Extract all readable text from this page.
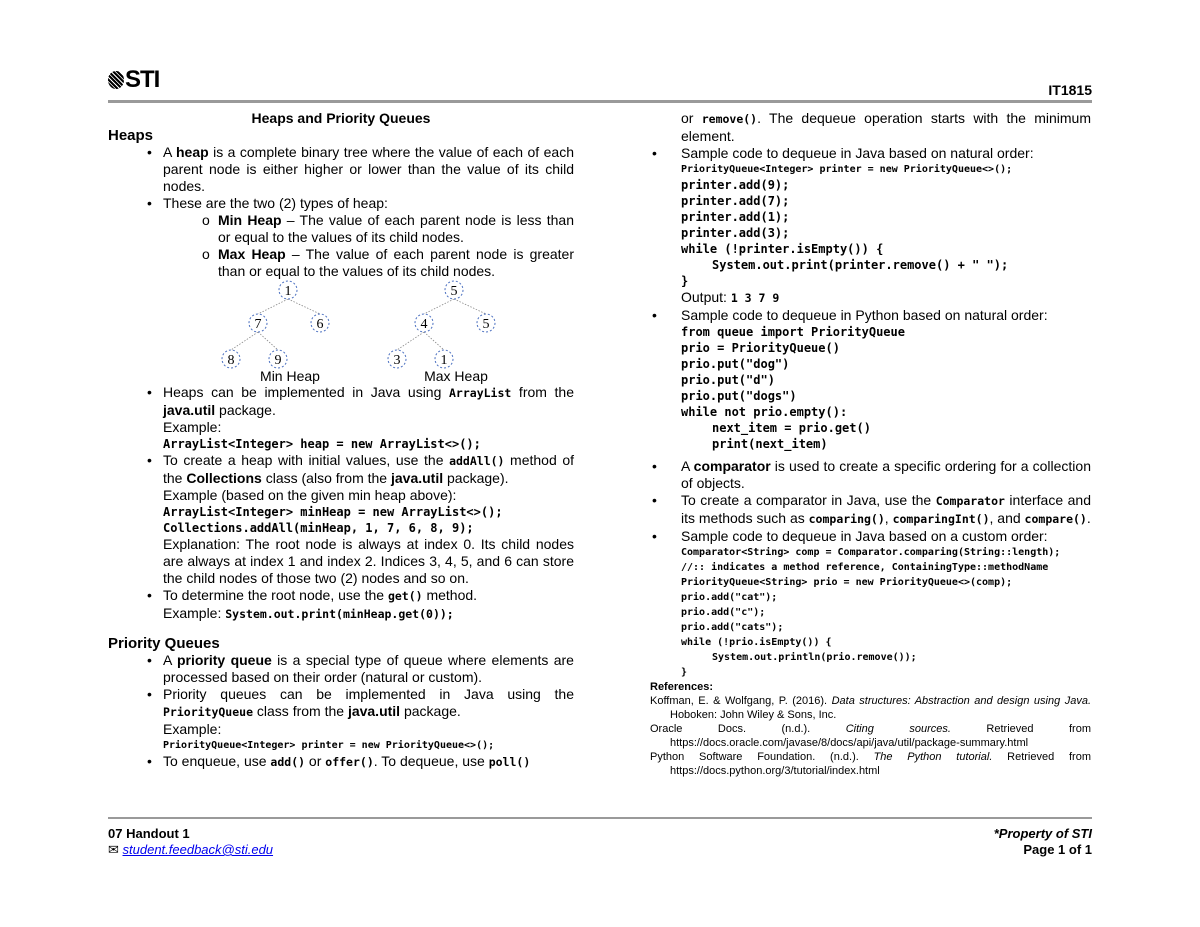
STI	IT1815
Heaps and Priority Queues
Heaps
• A heap is a complete binary tree where the value of each of each parent node is either higher or lower than the value of its child nodes.
• These are the two (2) types of heap:
o Min Heap – The value of each parent node is less than or equal to the values of its child nodes.
o Max Heap – The value of each parent node is greater than or equal to the values of its child nodes.
1
7	6
8	9
Min Heap
5
4	5
3	1
Max Heap
• Heaps can be implemented in Java using ArrayList from the java.util package.
Example:
ArrayList<Integer> heap = new ArrayList<>();
• To create a heap with initial values, use the addAll() method of the Collections class (also from the java.util package).
Example (based on the given min heap above):
ArrayList<Integer> minHeap = new ArrayList<>();
Collections.addAll(minHeap, 1, 7, 6, 8, 9);
Explanation: The root node is always at index 0. Its child nodes are always at index 1 and index 2. Indices 3, 4, 5, and 6 can store the child nodes of those two (2) nodes and so on.
• To determine the root node, use the get() method.
Example: System.out.print(minHeap.get(0));
Priority Queues
• A priority queue is a special type of queue where elements are processed based on their order (natural or custom).
• Priority queues can be implemented in Java using the PriorityQueue class from the java.util package.
Example:
PriorityQueue<Integer> printer = new PriorityQueue<>();
• To enqueue, use add() or offer(). To dequeue, use poll()
or remove(). The dequeue operation starts with the minimum element.
• Sample code to dequeue in Java based on natural order:
PriorityQueue<Integer> printer = new PriorityQueue<>();
printer.add(9);
printer.add(7);
printer.add(1);
printer.add(3);
while (!printer.isEmpty()) {
System.out.print(printer.remove() + " ");
}
Output: 1 3 7 9
• Sample code to dequeue in Python based on natural order:
from queue import PriorityQueue
prio = PriorityQueue()
prio.put("dog")
prio.put("d")
prio.put("dogs")
while not prio.empty():
next_item = prio.get()
print(next_item)
• A comparator is used to create a specific ordering for a collection of objects.
• To create a comparator in Java, use the Comparator interface and its methods such as comparing(), comparingInt(), and compare().
• Sample code to dequeue in Java based on a custom order:
Comparator<String> comp = Comparator.comparing(String::length);
//:: indicates a method reference, ContainingType::methodName
PriorityQueue<String> prio = new PriorityQueue<>(comp);
prio.add("cat");
prio.add("c");
prio.add("cats");
while (!prio.isEmpty()) {
System.out.println(prio.remove());
}
References:
Koffman, E. & Wolfgang, P. (2016). Data structures: Abstraction and design using Java. Hoboken: John Wiley & Sons, Inc.
Oracle Docs. (n.d.). Citing sources. Retrieved from https://docs.oracle.com/javase/8/docs/api/java/util/package-summary.html
Python Software Foundation. (n.d.). The Python tutorial. Retrieved from https://docs.python.org/3/tutorial/index.html
07 Handout 1	*Property of STI
✉ student.feedback@sti.edu	Page 1 of 1
